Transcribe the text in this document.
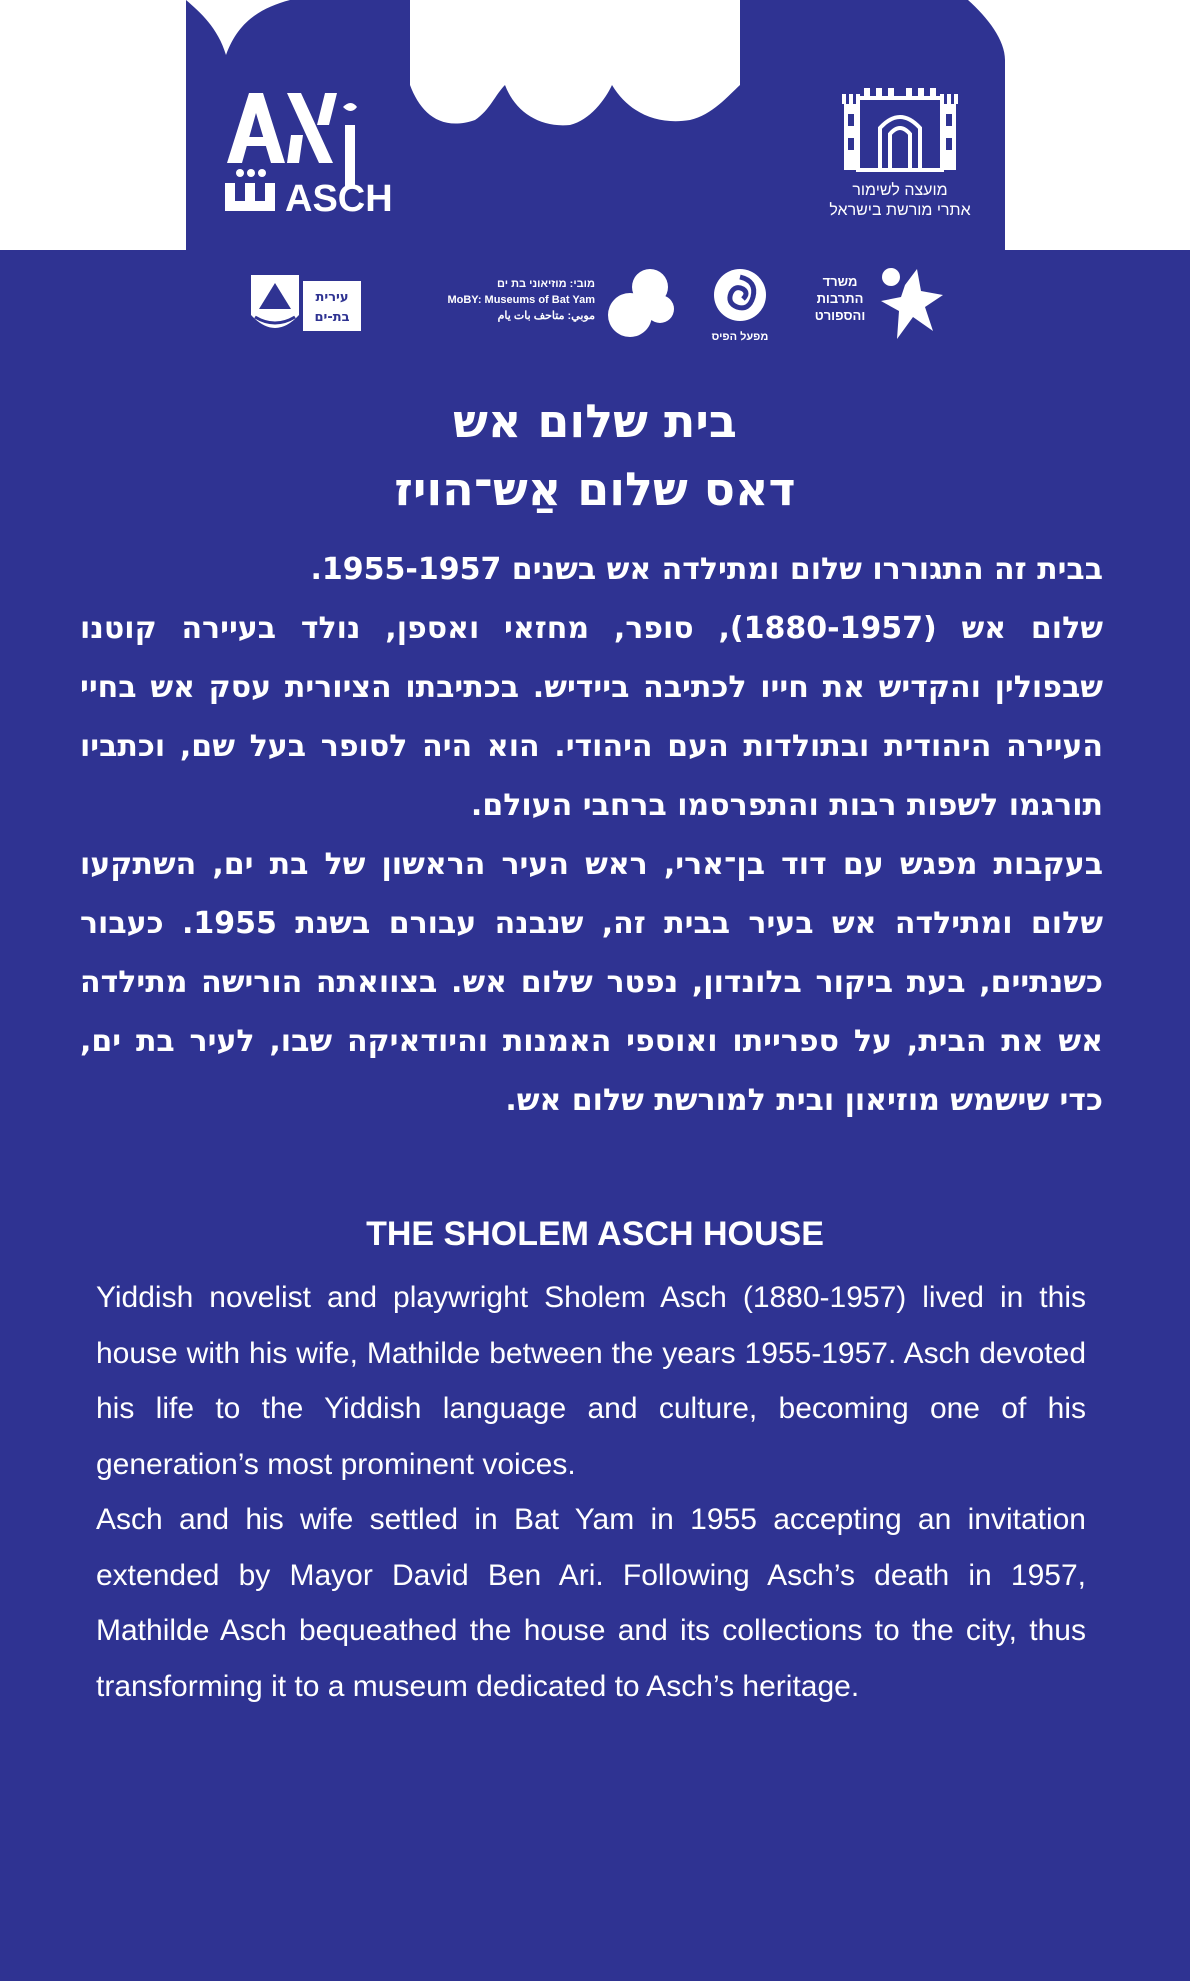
ASCH	מועצה לשימור
אתרי מורשת בישראל
עירית
בת-ים
מובי: מוזיאוני בת ים
MoBY: Museums of Bat Yam
موبي: متاحف بات يام
מפעל הפיס
משרד
התרבות
והספורט
בית שלום אש
דאס שלום אַש־הויז

בבית זה התגוררו שלום ומתילדה אש בשנים 1955-1957.

שלום אש (1880-1957), סופר, מחזאי ואספן, נולד בעיירה קוטנו שבפולין והקדיש את חייו לכתיבה ביידיש. בכתיבתו הציורית עסק אש בחיי העיירה היהודית ובתולדות העם היהודי. הוא היה לסופר בעל שם, וכתביו תורגמו לשפות רבות והתפרסמו ברחבי העולם.

בעקבות מפגש עם דוד בן־ארי, ראש העיר הראשון של בת ים, השתקעו שלום ומתילדה אש בעיר בבית זה, שנבנה עבורם בשנת 1955. כעבור כשנתיים, בעת ביקור בלונדון, נפטר שלום אש. בצוואתה הורישה מתילדה אש את הבית, על ספרייתו ואוספי האמנות והיודאיקה שבו, לעיר בת ים, כדי שישמש מוזיאון ובית למורשת שלום אש.

THE SHOLEM ASCH HOUSE

Yiddish novelist and playwright Sholem Asch (1880-1957) lived in this house with his wife, Mathilde between the years 1955-1957. Asch devoted his life to the Yiddish language and culture, becoming one of his generation’s most prominent voices.

Asch and his wife settled in Bat Yam in 1955 accepting an invitation extended by Mayor David Ben Ari. Following Asch’s death in 1957, Mathilde Asch bequeathed the house and its collections to the city, thus transforming it to a museum dedicated to Asch’s heritage.
